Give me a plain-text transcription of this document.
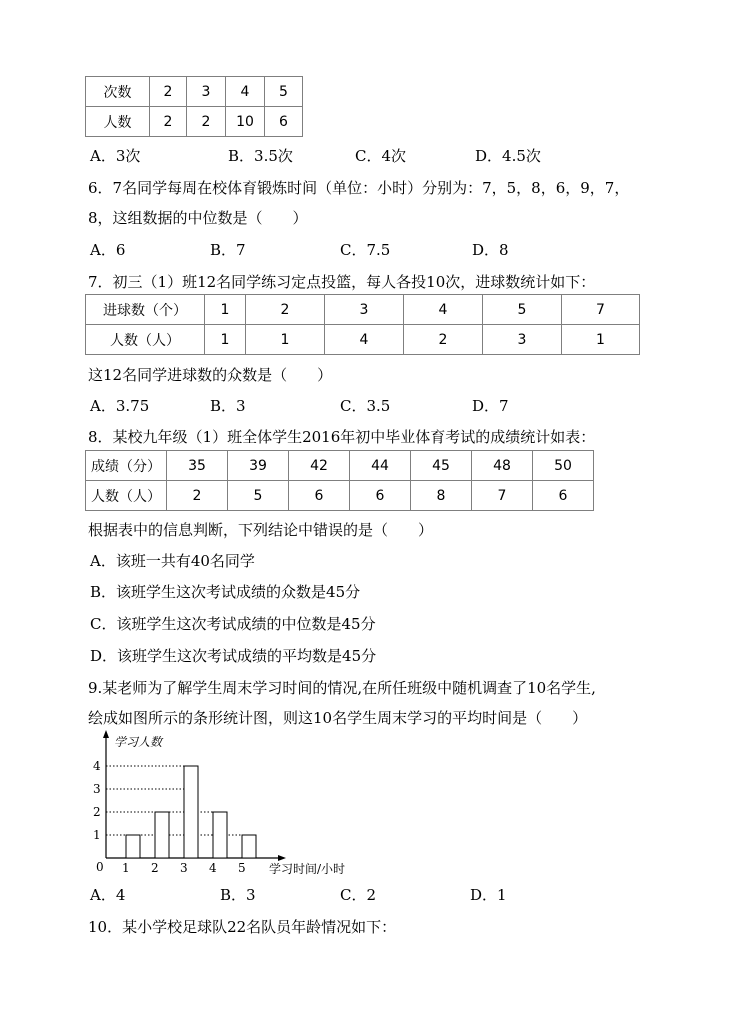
次数	2	3	4	5
人数	2	2	10	6
A．3次	B．3.5次	C．4次	D．4.5次
6．7名同学每周在校体育锻炼时间（单位：小时）分别为：7，5，8，6，9，7，
8，这组数据的中位数是（　　）
A．6	B．7	C．7.5	D．8
7．初三（1）班12名同学练习定点投篮，每人各投10次，进球数统计如下：
进球数（个）	1	2	3	4	5	7
人数（人）	1	1	4	2	3	1
这12名同学进球数的众数是（　　）
A．3.75	B．3	C．3.5	D．7
8．某校九年级（1）班全体学生2016年初中毕业体育考试的成绩统计如表：
成绩（分）	35	39	42	44	45	48	50
人数（人）	2	5	6	6	8	7	6
根据表中的信息判断，下列结论中错误的是（　　）
A．该班一共有40名同学
B．该班学生这次考试成绩的众数是45分
C．该班学生这次考试成绩的中位数是45分
D．该班学生这次考试成绩的平均数是45分
9.某老师为了解学生周末学习时间的情况,在所任班级中随机调查了10名学生,
绘成如图所示的条形统计图，则这10名学生周末学习的平均时间是（　　）
学习人数
学习时间/小时
0
1
2
3
4
1 2 3 4 5
A．4	B．3	C．2	D．1
10．某小学校足球队22名队员年龄情况如下：
